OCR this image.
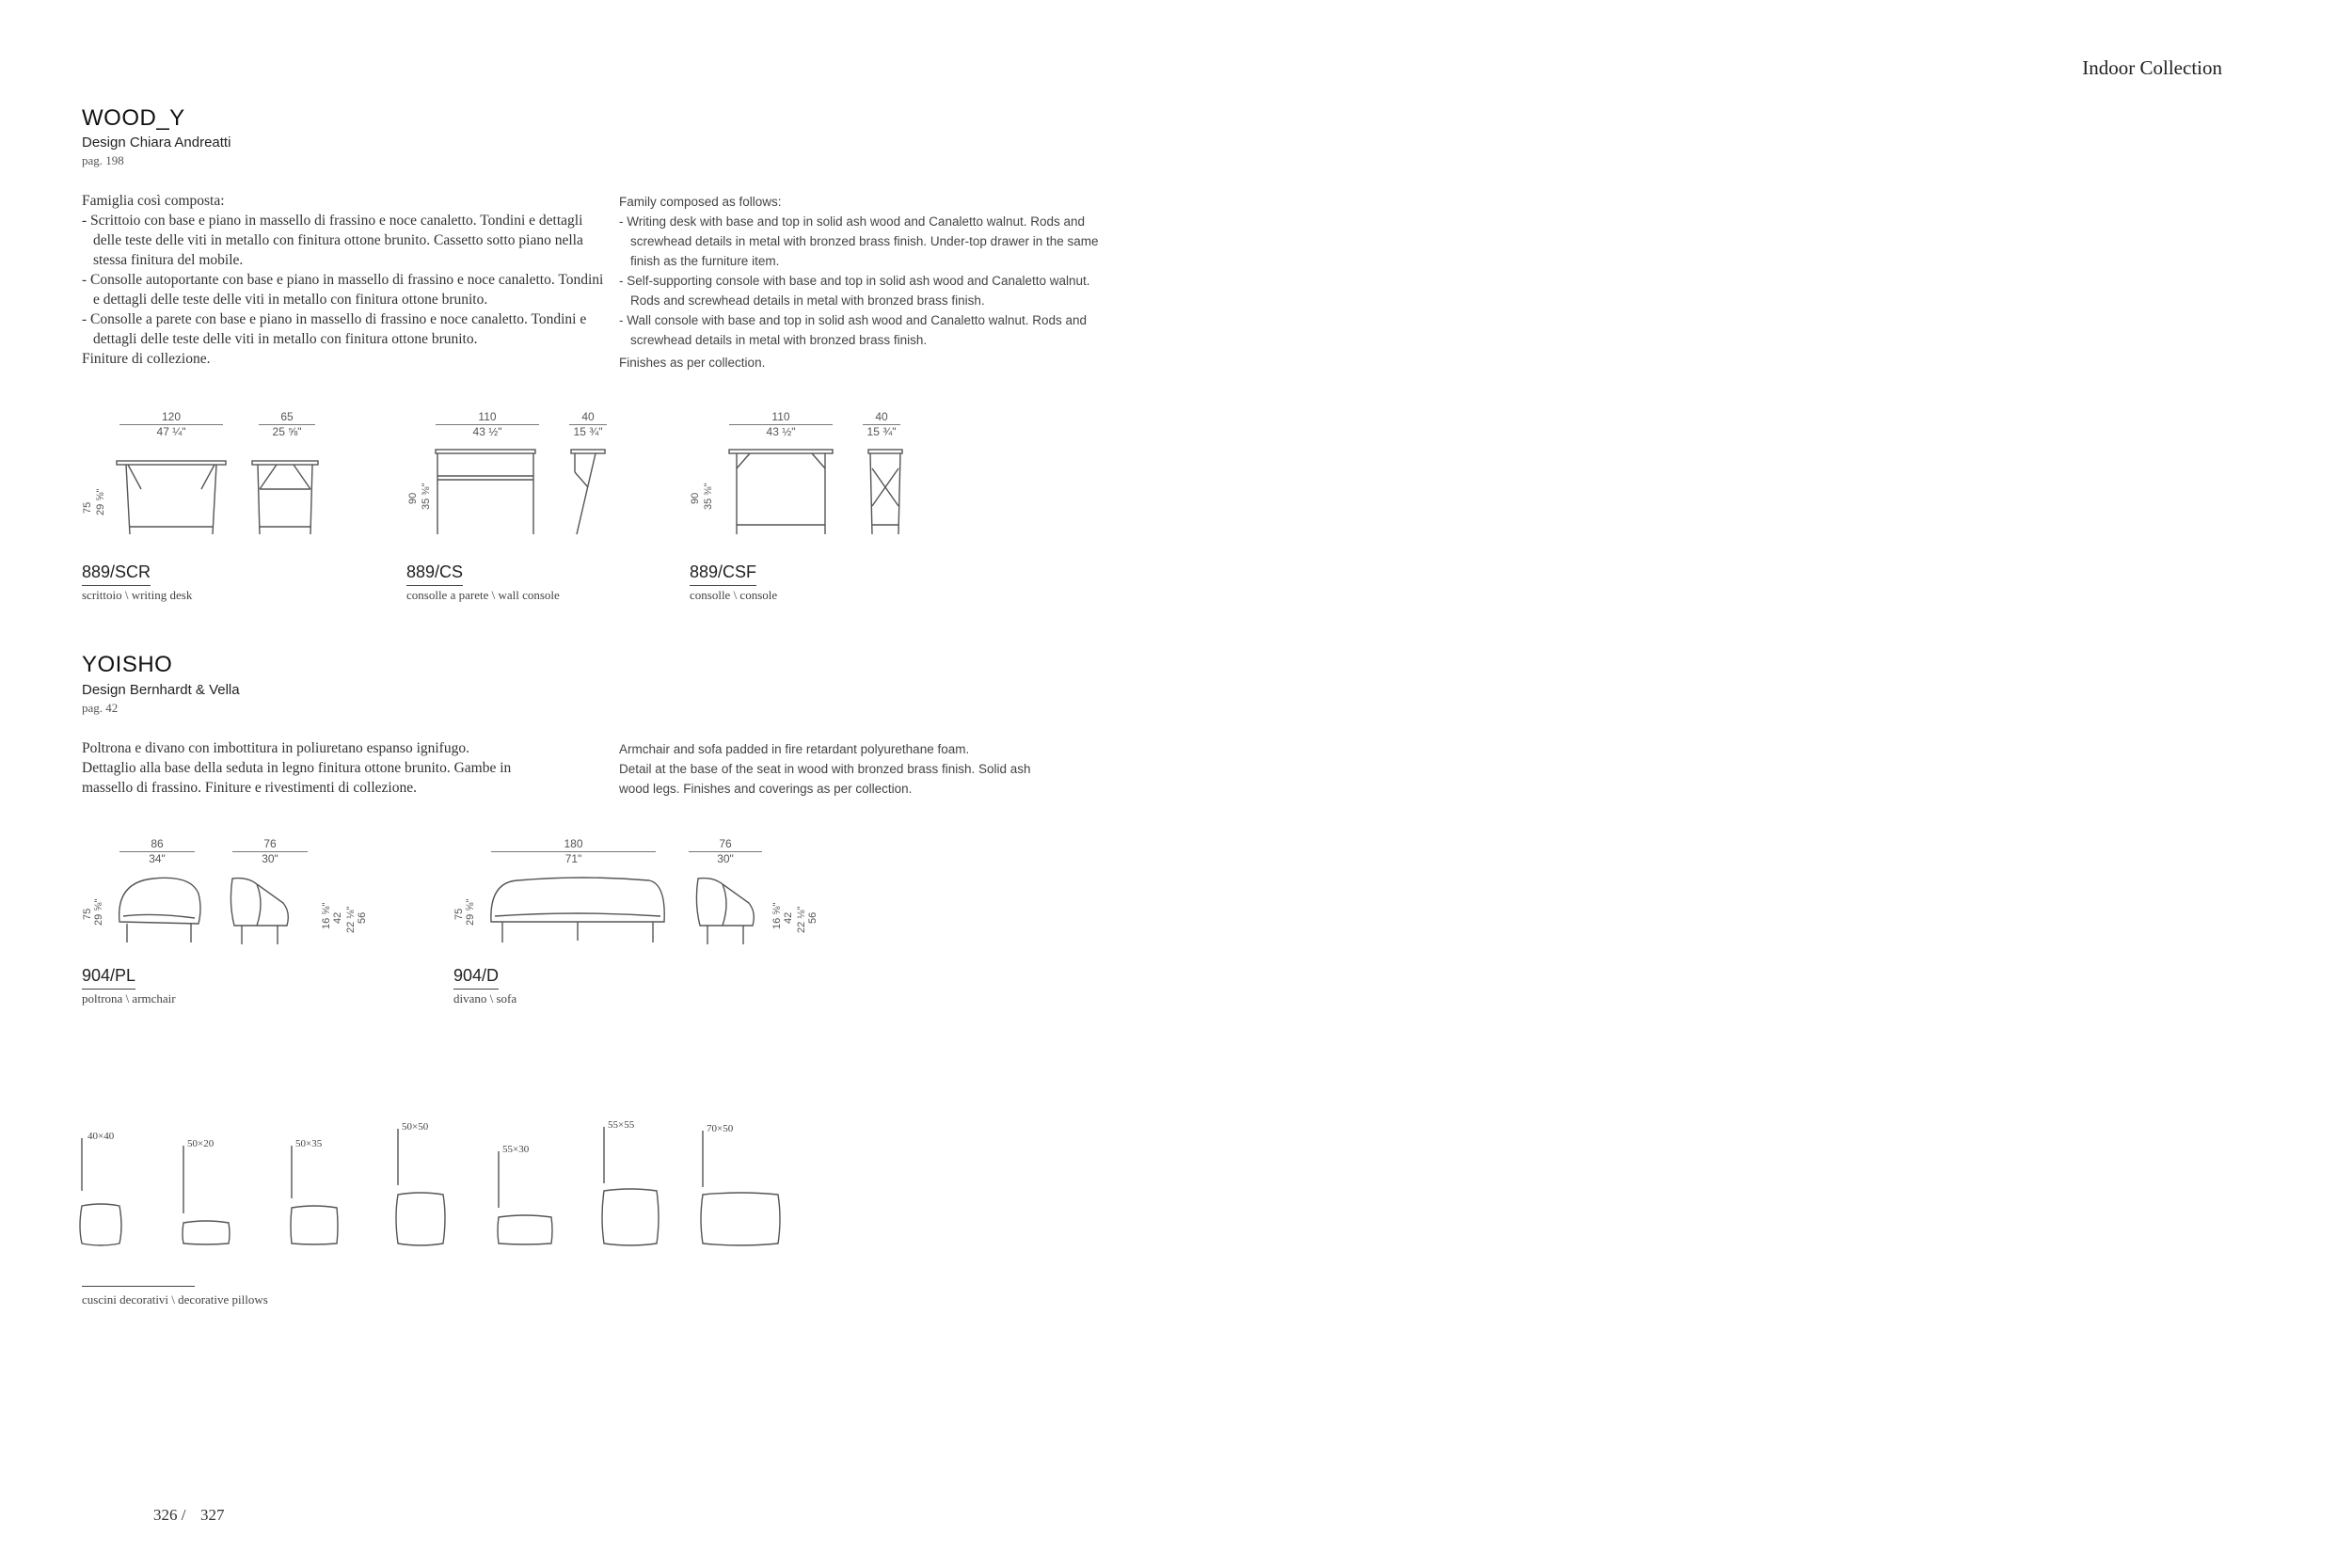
Indoor Collection
WOOD_Y
Design Chiara Andreatti
pag. 198
Famiglia così composta:
- Scrittoio con base e piano in massello di frassino e noce canaletto. Tondini e dettagli delle teste delle viti in metallo con finitura ottone brunito. Cassetto sotto piano nella stessa finitura del mobile.
- Consolle autoportante con base e piano in massello di frassino e noce canaletto. Tondini e dettagli delle teste delle viti in metallo con finitura ottone brunito.
- Consolle a parete con base e piano in massello di frassino e noce canaletto. Tondini e dettagli delle teste delle viti in metallo con finitura ottone brunito.
Finiture di collezione.
Family composed as follows:
- Writing desk with base and top in solid ash wood and Canaletto walnut. Rods and screwhead details in metal with bronzed brass finish. Under-top drawer in the same finish as the furniture item.
- Self-supporting console with base and top in solid ash wood and Canaletto walnut. Rods and screwhead details in metal with bronzed brass finish.
- Wall console with base and top in solid ash wood and Canaletto walnut. Rods and screwhead details in metal with bronzed brass finish.
Finishes as per collection.
120
47 ¼"
65
25 ⅝"
75 29 ⅝"
889/SCR
scrittoio \ writing desk
110
43 ½"
40
15 ¾"
90 35 ⅜"
889/CS
consolle a parete \ wall console
110
43 ½"
40
15 ¾"
90 35 ⅜"
889/CSF
consolle \ console
YOISHO
Design Bernhardt & Vella
pag. 42
Poltrona e divano con imbottitura in poliuretano espanso ignifugo.
Dettaglio alla base della seduta in legno finitura ottone brunito. Gambe in
massello di frassino. Finiture e rivestimenti di collezione.
Armchair and sofa padded in fire retardant polyurethane foam.
Detail at the base of the seat in wood with bronzed brass finish. Solid ash
wood legs. Finishes and coverings as per collection.
86
34"
76
30"
75 29 ⅝"	16 ⅝" 42 22 ⅛" 56
904/PL
poltrona \ armchair
180
71"
76
30"
75 29 ⅝"	16 ⅝" 42 22 ⅛" 56
904/D
divano \ sofa
40×40
50×20	50×35
50×50
55×30
55×55	70×50
cuscini decorativi \ decorative pillows
326 / 327
